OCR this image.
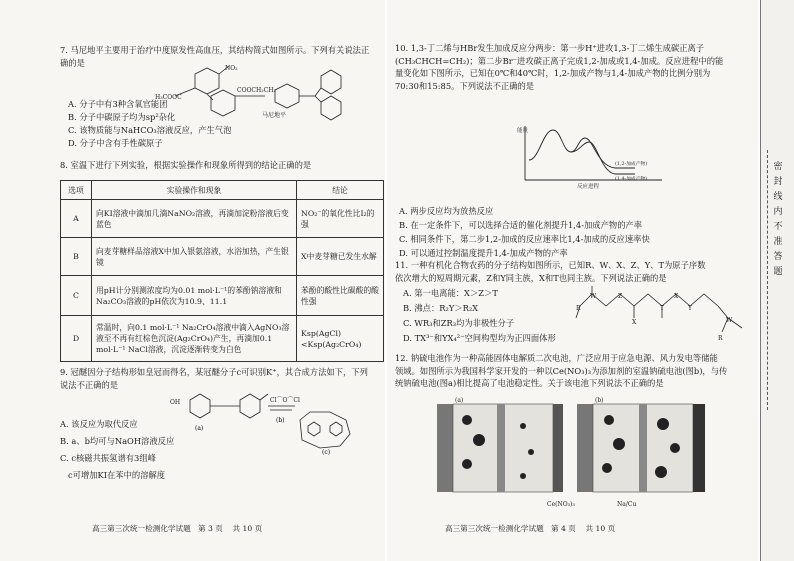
7. 马尼地平主要用于治疗中度原发性高血压，其结构简式如图所示。下列有关说法正

确的是

H₃COOC
COOCH₂CH₂
NO₂
马尼地平

A. 分子中有3种含氧官能团

B. 分子中碳原子均为sp²杂化

C. 该物质能与NaHCO₃溶液反应，产生气泡

D. 分子中含有手性碳原子

8. 室温下进行下列实验，根据实验操作和现象所得到的结论正确的是

选项	实验操作和现象	结论
A	向KI溶液中滴加几滴NaNO₂溶液，再滴加淀粉溶液后变蓝色	NO₂⁻的氧化性比I₂的强
B	向麦芽糖样品溶液X中加入银氨溶液，水浴加热，产生银镜	X中麦芽糖已发生水解
C	用pH计分别测浓度均为0.01 mol·L⁻¹的苯酚钠溶液和Na₂CO₃溶液的pH依次为10.9、11.1	苯酚的酸性比碳酸的酸性强
D	常温时，向0.1 mol·L⁻¹ Na₂CrO₄溶液中滴入AgNO₃溶液至不再有红棕色沉淀(Ag₂CrO₄)产生，再滴加0.1 mol·L⁻¹ NaCl溶液，沉淀逐渐转变为白色	Ksp(AgCl)<Ksp(Ag₂CrO₄)

9. 冠醚因分子结构形如皇冠而得名，某冠醚分子c可识别K⁺，其合成方法如下，下列

说法不正确的是

OH	Cl⌒O⌒Cl
(a)
(b)
(c)

A. 该反应为取代反应

B. a、b均可与NaOH溶液反应

C. c核磁共振氢谱有3组峰

c可增加KI在苯中的溶解度

高三第三次统一检测化学试题 第 3 页 共 10 页

10. 1,3-丁二烯与HBr发生加成反应分两步：第一步H⁺进攻1,3-丁二烯生成碳正离子

(CH₃CHCH=CH₂)；第二步Br⁻进攻碳正离子完成1,2-加成或1,4-加成。反应进程中的能

量变化如下图所示，已知在0℃和40℃时，1,2-加成产物与1,4-加成产物的比例分别为

70:30和15:85。下列说法不正确的是

能量
反应进程
(1,2-加成产物)
(1,4-加成产物)

A. 两步反应均为放热反应

B. 在一定条件下，可以选择合适的催化剂提升1,4-加成产物的产率

C. 相同条件下，第二步1,2-加成的反应速率比1,4-加成的反应速率快

D. 可以通过控制温度提升1,4-加成产物的产率

11. 一种有机化合物农药的分子结构如图所示，已知R、W、X、Z、Y、T为原子序数

依次增大的短周期元素，Z和Y同主族，X和T也同主族。下列说法正确的是

A. 第一电离能：X＞Z＞T

B. 沸点：R₂Y＞R₂X

C. WR₃和ZR₃均为非极性分子

D. TX³⁻和YX₄²⁻空间构型均为正四面体形

R
W	Z
X
T	Y
X
W
R

12. 钠硫电池作为一种高能固体电解质二次电池，广泛应用于应急电源、风力发电等储能

领域。如图所示为我国科学家开发的一种以Ce(NO₃)₃为添加剂的室温钠硫电池(图b)，与传

统钠硫电池(图a)相比提高了电池稳定性。关于该电池下列说法不正确的是

(a)	(b)
Ce(NO₃)₃	Na/Cu
高三第三次统一检测化学试题 第 4 页 共 10 页
密 封 线 内 不 准 答 题
